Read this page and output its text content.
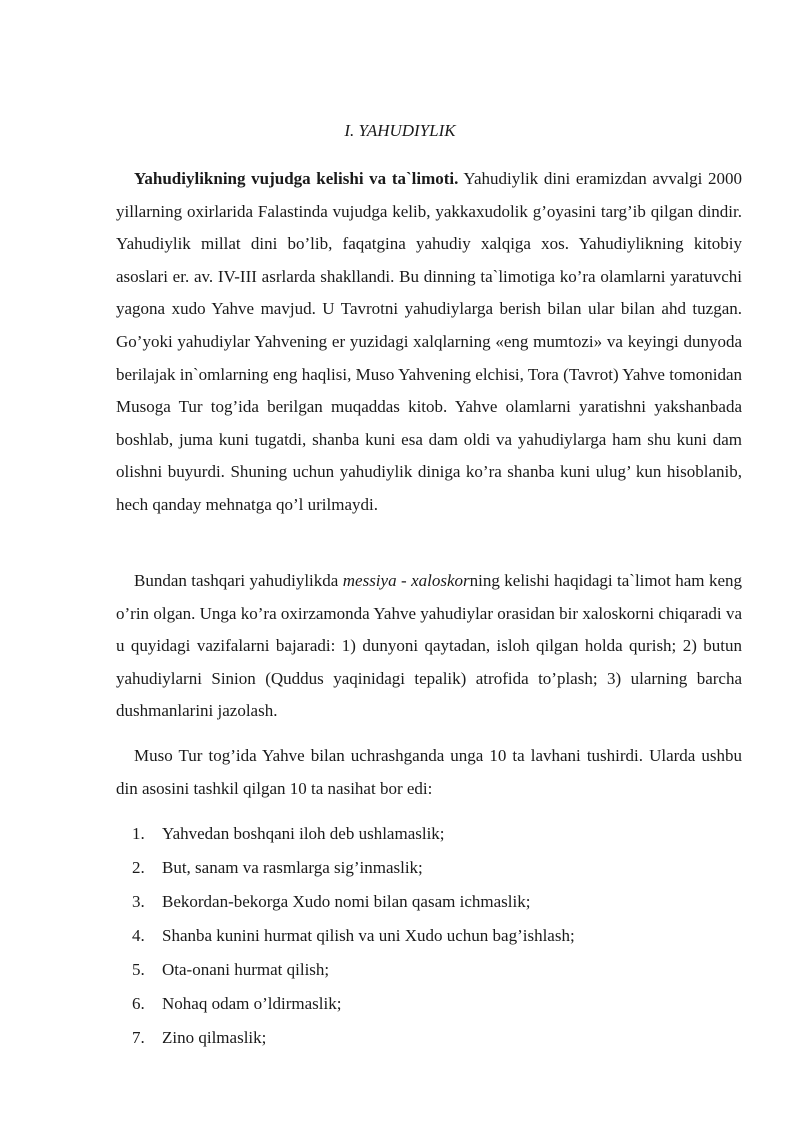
I. YAHUDIYLIK

Yahudiylikning vujudga kelishi va ta`limoti. Yahudiylik dini eramizdan avvalgi 2000 yillarning oxirlarida Falastinda vujudga kelib, yakkaxudolik g’oyasini targ’ib qilgan dindir. Yahudiylik millat dini bo’lib, faqatgina yahudiy xalqiga xos. Yahudiylikning kitobiy asoslari er. av. IV-III asrlarda shakllandi. Bu dinning ta`limotiga ko’ra olamlarni yaratuvchi yagona xudo Yahve mavjud. U Tavrotni yahudiylarga berish bilan ular bilan ahd tuzgan. Go’yoki yahudiylar Yahvening er yuzidagi xalqlarning «eng mumtozi» va keyingi dunyoda berilajak in`omlarning eng haqlisi, Muso Yahvening elchisi, Tora (Tavrot) Yahve tomonidan Musoga Tur tog’ida berilgan muqaddas kitob. Yahve olamlarni yaratishni yakshanbada boshlab, juma kuni tugatdi, shanba kuni esa dam oldi va yahudiylarga ham shu kuni dam olishni buyurdi. Shuning uchun yahudiylik diniga ko’ra shanba kuni ulug’ kun hisoblanib, hech qanday mehnatga qo’l urilmaydi.

Bundan tashqari yahudiylikda messiya - xaloskorning kelishi haqidagi ta`limot ham keng o’rin olgan. Unga ko’ra oxirzamonda Yahve yahudiylar orasidan bir xaloskorni chiqaradi va u quyidagi vazifalarni bajaradi: 1) dunyoni qaytadan, isloh qilgan holda qurish; 2) butun yahudiylarni Sinion (Quddus yaqinidagi tepalik) atrofida to’plash; 3) ularning barcha dushmanlarini jazolash.

Muso Tur tog’ida Yahve bilan uchrashganda unga 10 ta lavhani tushirdi. Ularda ushbu din asosini tashkil qilgan 10 ta nasihat bor edi:

1.	Yahvedan boshqani iloh deb ushlamaslik;
2.	But, sanam va rasmlarga sig’inmaslik;
3.	Bekordan-bekorga Xudo nomi bilan qasam ichmaslik;
4.	Shanba kunini hurmat qilish va uni Xudo uchun bag’ishlash;
5.	Ota-onani hurmat qilish;
6.	Nohaq odam o’ldirmaslik;
7.	Zino qilmaslik;
